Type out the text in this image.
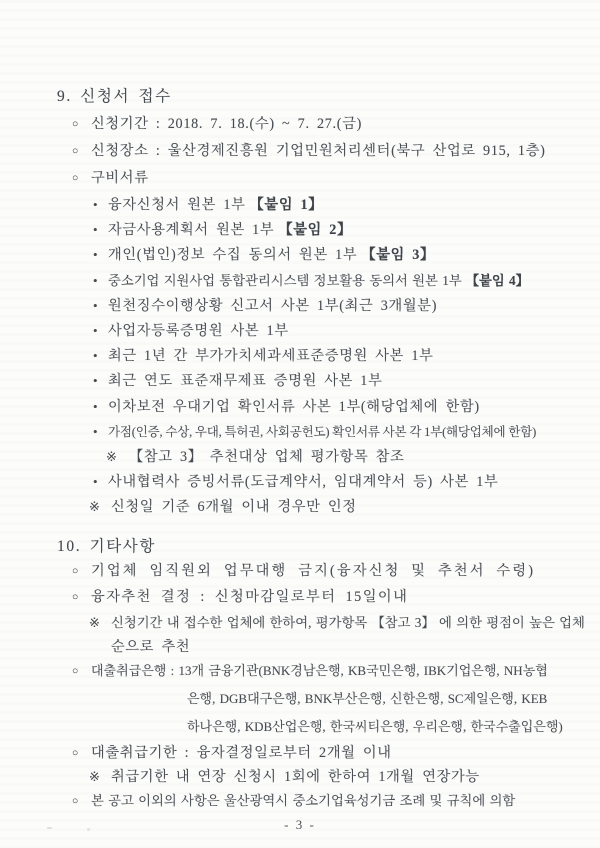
9. 신청서 접수
○ 신청기간 : 2018. 7. 18.(수) ~ 7. 27.(금)
○ 신청장소 : 울산경제진흥원 기업민원처리센터(북구 산업로 915, 1층)
○ 구비서류
• 융자신청서 원본 1부 【붙임 1】
• 자금사용계획서 원본 1부 【붙임 2】
• 개인(법인)정보 수집 동의서 원본 1부 【붙임 3】
• 중소기업 지원사업 통합관리시스템 정보활용 동의서 원본 1부 【붙임 4】
• 원천징수이행상황 신고서 사본 1부(최근 3개월분)
• 사업자등록증명원 사본 1부
• 최근 1년 간 부가가치세과세표준증명원 사본 1부
• 최근 연도 표준재무제표 증명원 사본 1부
• 이차보전 우대기업 확인서류 사본 1부(해당업체에 한함)
• 가점(인증, 수상, 우대, 특허권, 사회공헌도) 확인서류 사본 각 1부(해당업체에 한함)
※ 【참고 3】 추천대상 업체 평가항목 참조
• 사내협력사 증빙서류(도급계약서, 임대계약서 등) 사본 1부
※ 신청일 기준 6개월 이내 경우만 인정
10. 기타사항
○ 기업체 임직원외 업무대행 금지(융자신청 및 추천서 수령)
○ 융자추천 결정 : 신청마감일로부터 15일이내
※ 신청기간 내 접수한 업체에 한하여, 평가항목 【참고 3】 에 의한 평점이 높은 업체
순으로 추천
○ 대출취급은행 : 13개 금융기관(BNK경남은행, KB국민은행, IBK기업은행, NH농협
은행, DGB대구은행, BNK부산은행, 신한은행, SC제일은행, KEB
하나은행, KDB산업은행, 한국씨티은행, 우리은행, 한국수출입은행)
○ 대출취급기한 : 융자결정일로부터 2개월 이내
※ 취급기한 내 연장 신청시 1회에 한하여 1개월 연장가능
○ 본 공고 이외의 사항은 울산광역시 중소기업육성기금 조례 및 규칙에 의함
- 3 -
